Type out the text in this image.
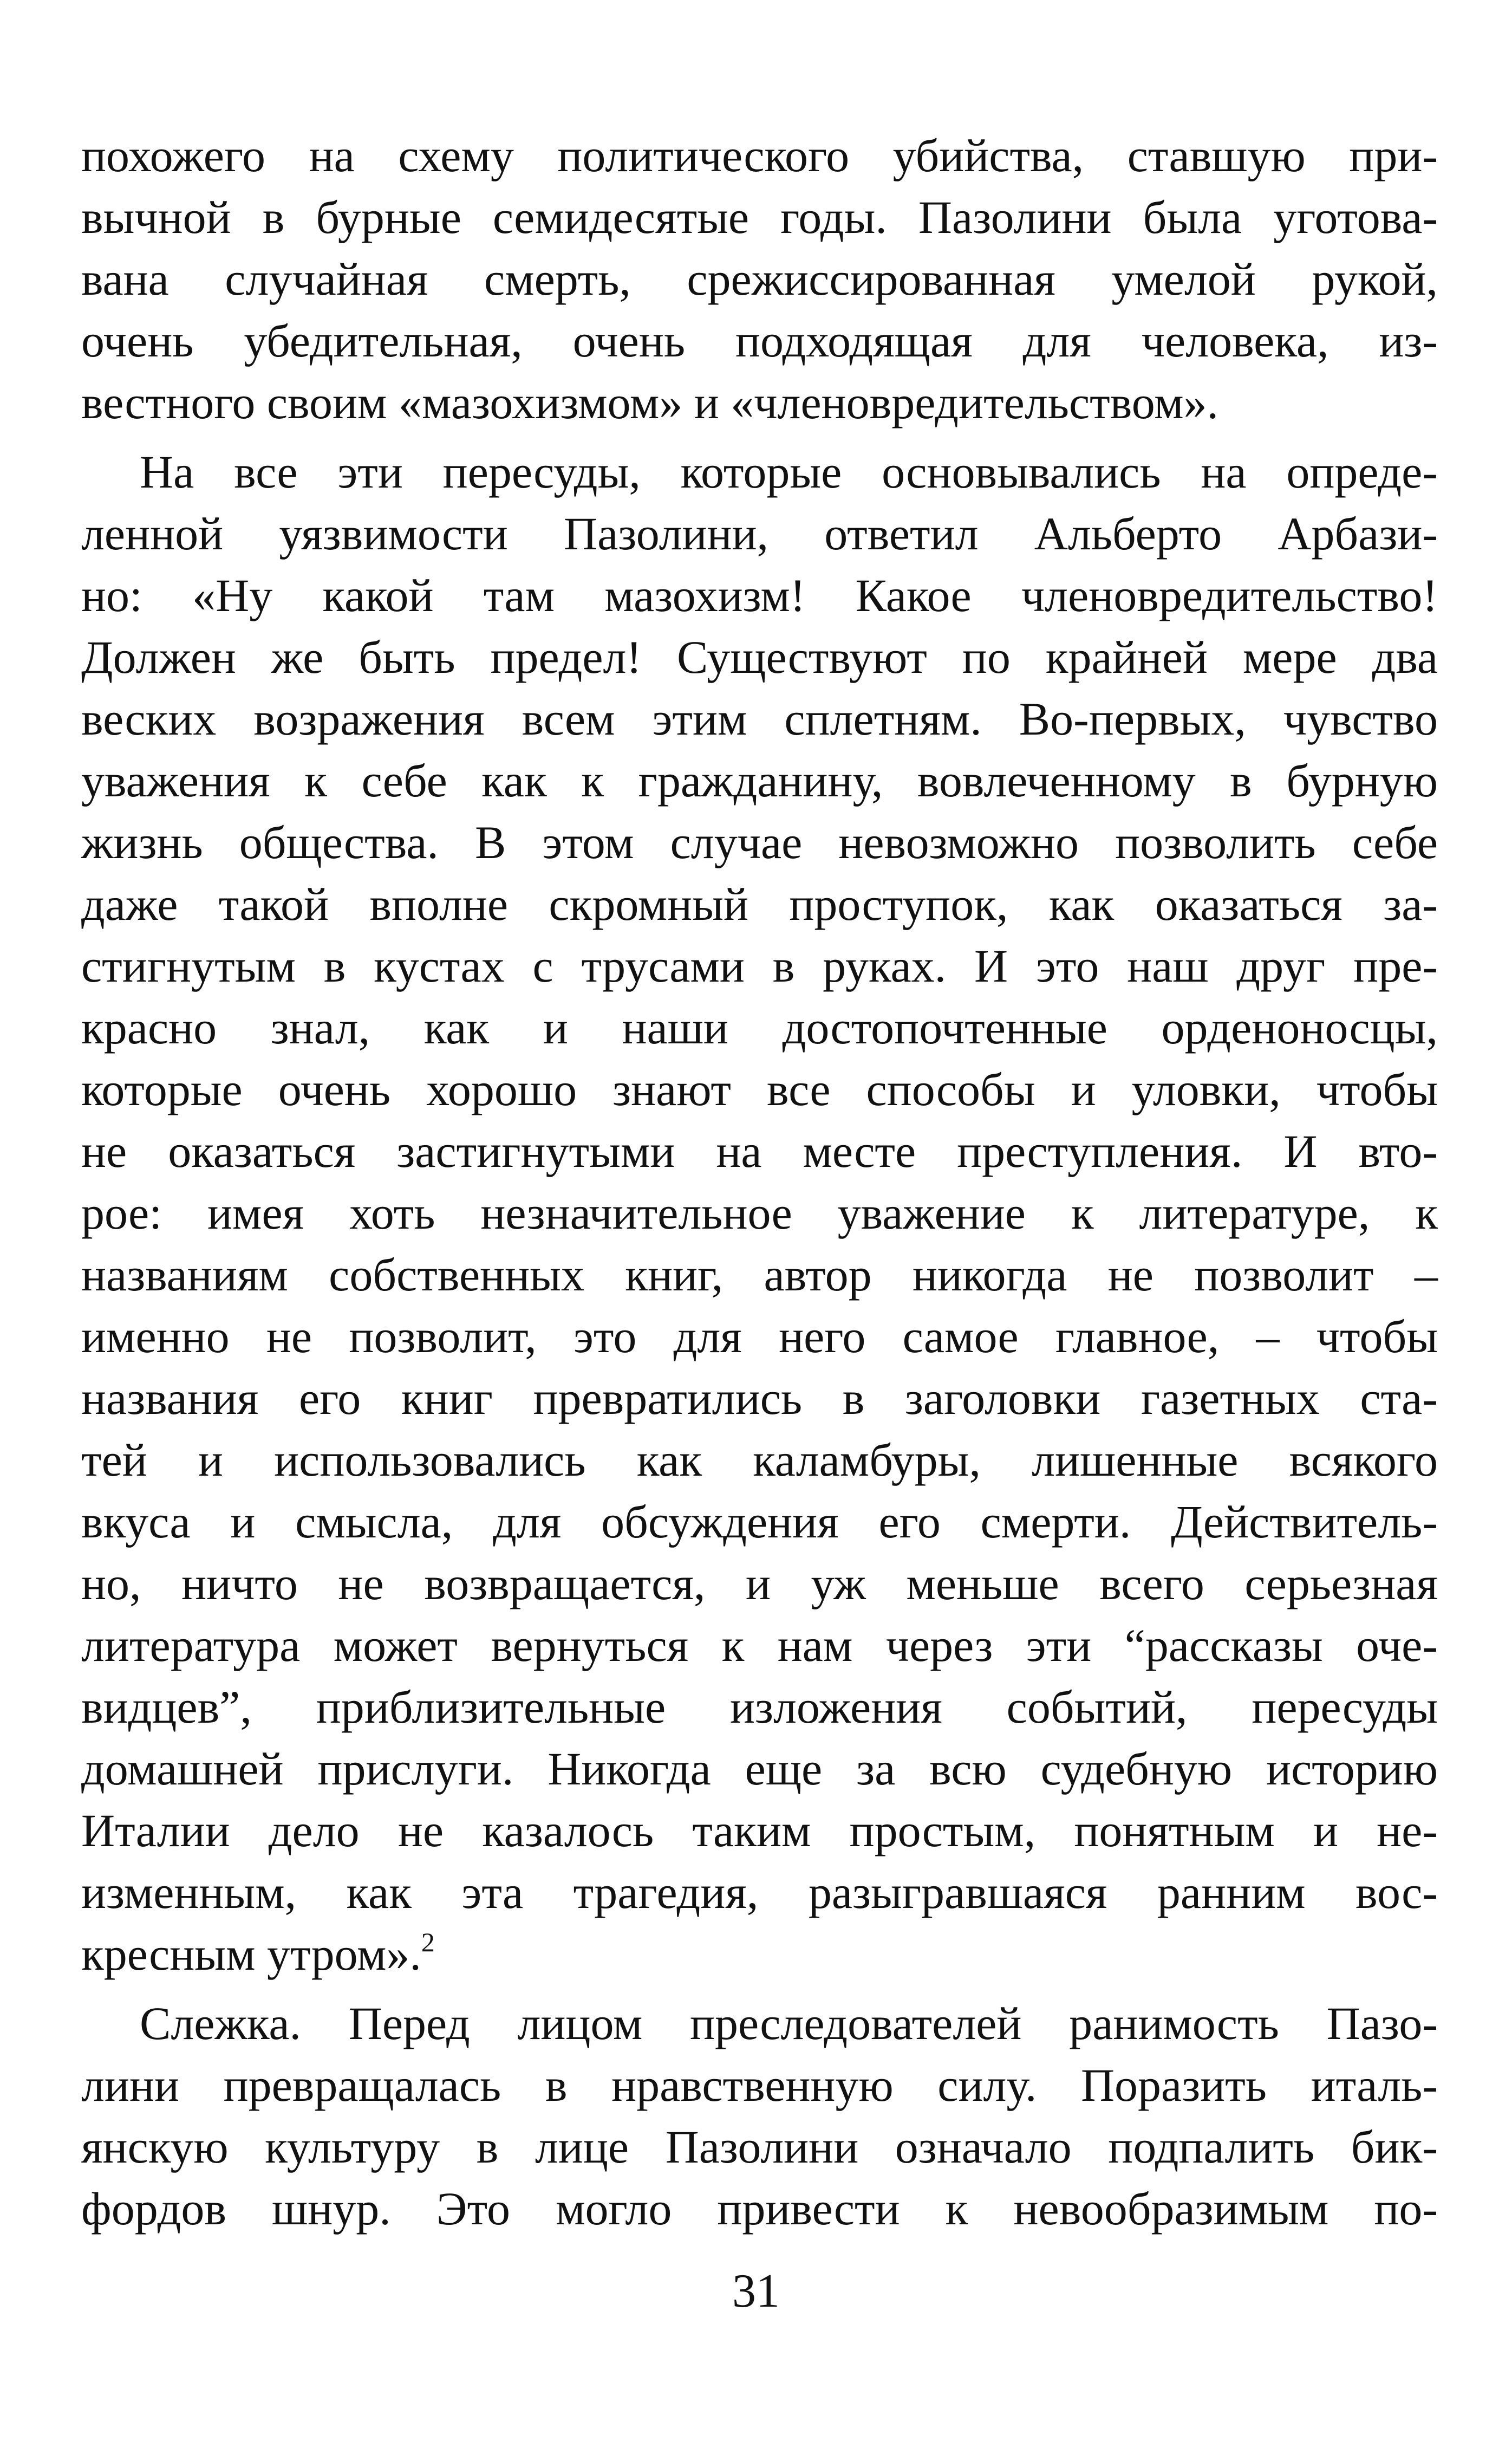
похожего на схему политического убийства, ставшую при-
вычной в бурные семидесятые годы. Пазолини была уготова-
вана случайная смерть, срежиссированная умелой рукой,
очень убедительная, очень подходящая для человека, из-
вестного своим «мазохизмом» и «членовредительством».
На все эти пересуды, которые основывались на опреде-
ленной уязвимости Пазолини, ответил Альберто Арбази-
но: «Ну какой там мазохизм! Какое членовредительство!
Должен же быть предел! Существуют по крайней мере два
веских возражения всем этим сплетням. Во-первых, чувство
уважения к себе как к гражданину, вовлеченному в бурную
жизнь общества. В этом случае невозможно позволить себе
даже такой вполне скромный проступок, как оказаться за-
стигнутым в кустах с трусами в руках. И это наш друг пре-
красно знал, как и наши достопочтенные орденоносцы,
которые очень хорошо знают все способы и уловки, чтобы
не оказаться застигнутыми на месте преступления. И вто-
рое: имея хоть незначительное уважение к литературе, к
названиям собственных книг, автор никогда не позволит –
именно не позволит, это для него самое главное, – чтобы
названия его книг превратились в заголовки газетных ста-
тей и использовались как каламбуры, лишенные всякого
вкуса и смысла, для обсуждения его смерти. Действитель-
но, ничто не возвращается, и уж меньше всего серьезная
литература может вернуться к нам через эти “рассказы оче-
видцев”, приблизительные изложения событий, пересуды
домашней прислуги. Никогда еще за всю судебную историю
Италии дело не казалось таким простым, понятным и не-
изменным, как эта трагедия, разыгравшаяся ранним вос-
кресным утром».$^2$
Слежка. Перед лицом преследователей ранимость Пазо-
лини превращалась в нравственную силу. Поразить италь-
янскую культуру в лице Пазолини означало подпалить бик-
фордов шнур. Это могло привести к невообразимым по-
31
